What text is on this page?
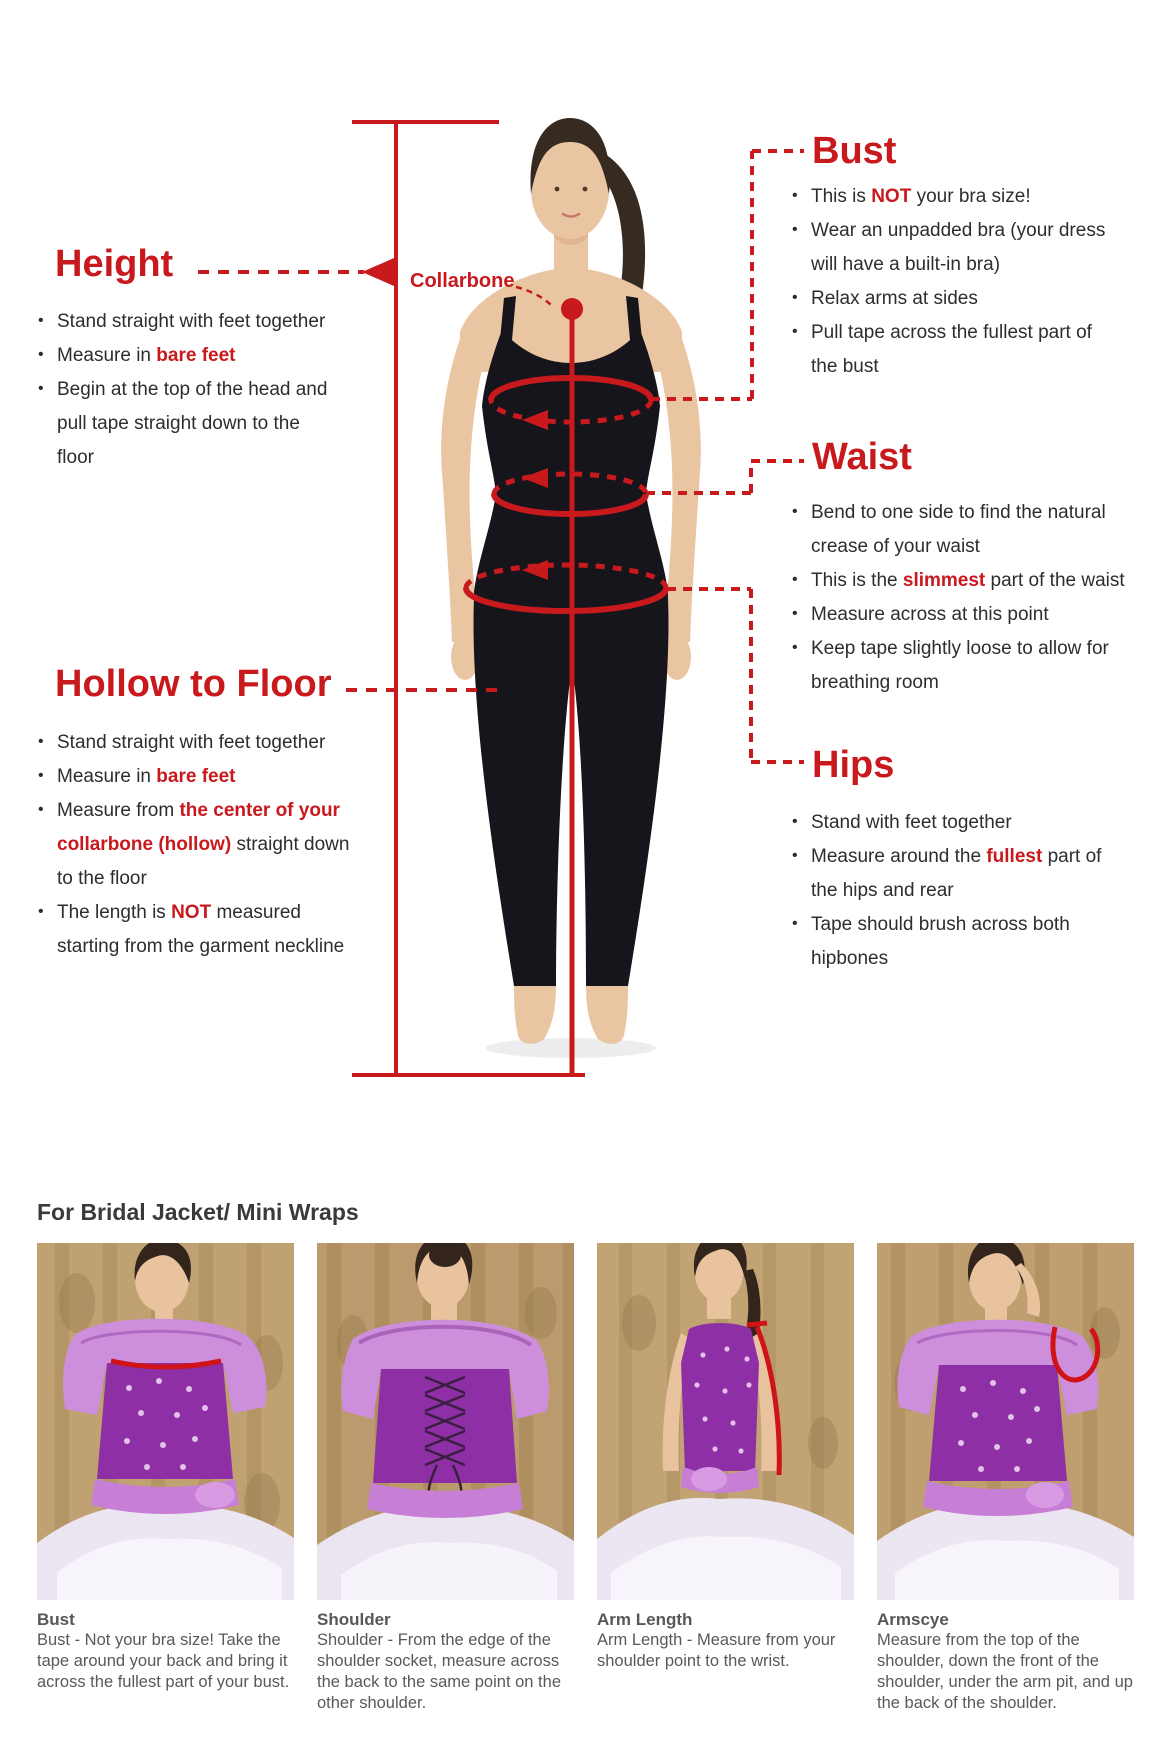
Height
• Stand straight with feet together
• Measure in bare feet
• Begin at the top of the head and pull tape straight down to the floor
Collarbone
Bust
• This is NOT your bra size!
• Wear an unpadded bra (your dress will have a built-in bra)
• Relax arms at sides
• Pull tape across the fullest part of the bust
Waist
• Bend to one side to find the natural crease of your waist
• This is the slimmest part of the waist
• Measure across at this point
• Keep tape slightly loose to allow for breathing room
Hips
• Stand with feet together
• Measure around the fullest part of the hips and rear
• Tape should brush across both hipbones
Hollow to Floor
• Stand straight with feet together
• Measure in bare feet
• Measure from the center of your collarbone (hollow) straight down to the floor
• The length is NOT measured starting from the garment neckline
For Bridal Jacket/ Mini Wraps
Bust
Bust - Not your bra size! Take the tape around your back and bring it across the fullest part of your bust.
Shoulder
Shoulder - From the edge of the shoulder socket, measure across the back to the same point on the other shoulder.
Arm Length
Arm Length - Measure from your shoulder point to the wrist.
Armscye
Measure from the top of the shoulder, down the front of the shoulder, under the arm pit, and up the back of the shoulder.
